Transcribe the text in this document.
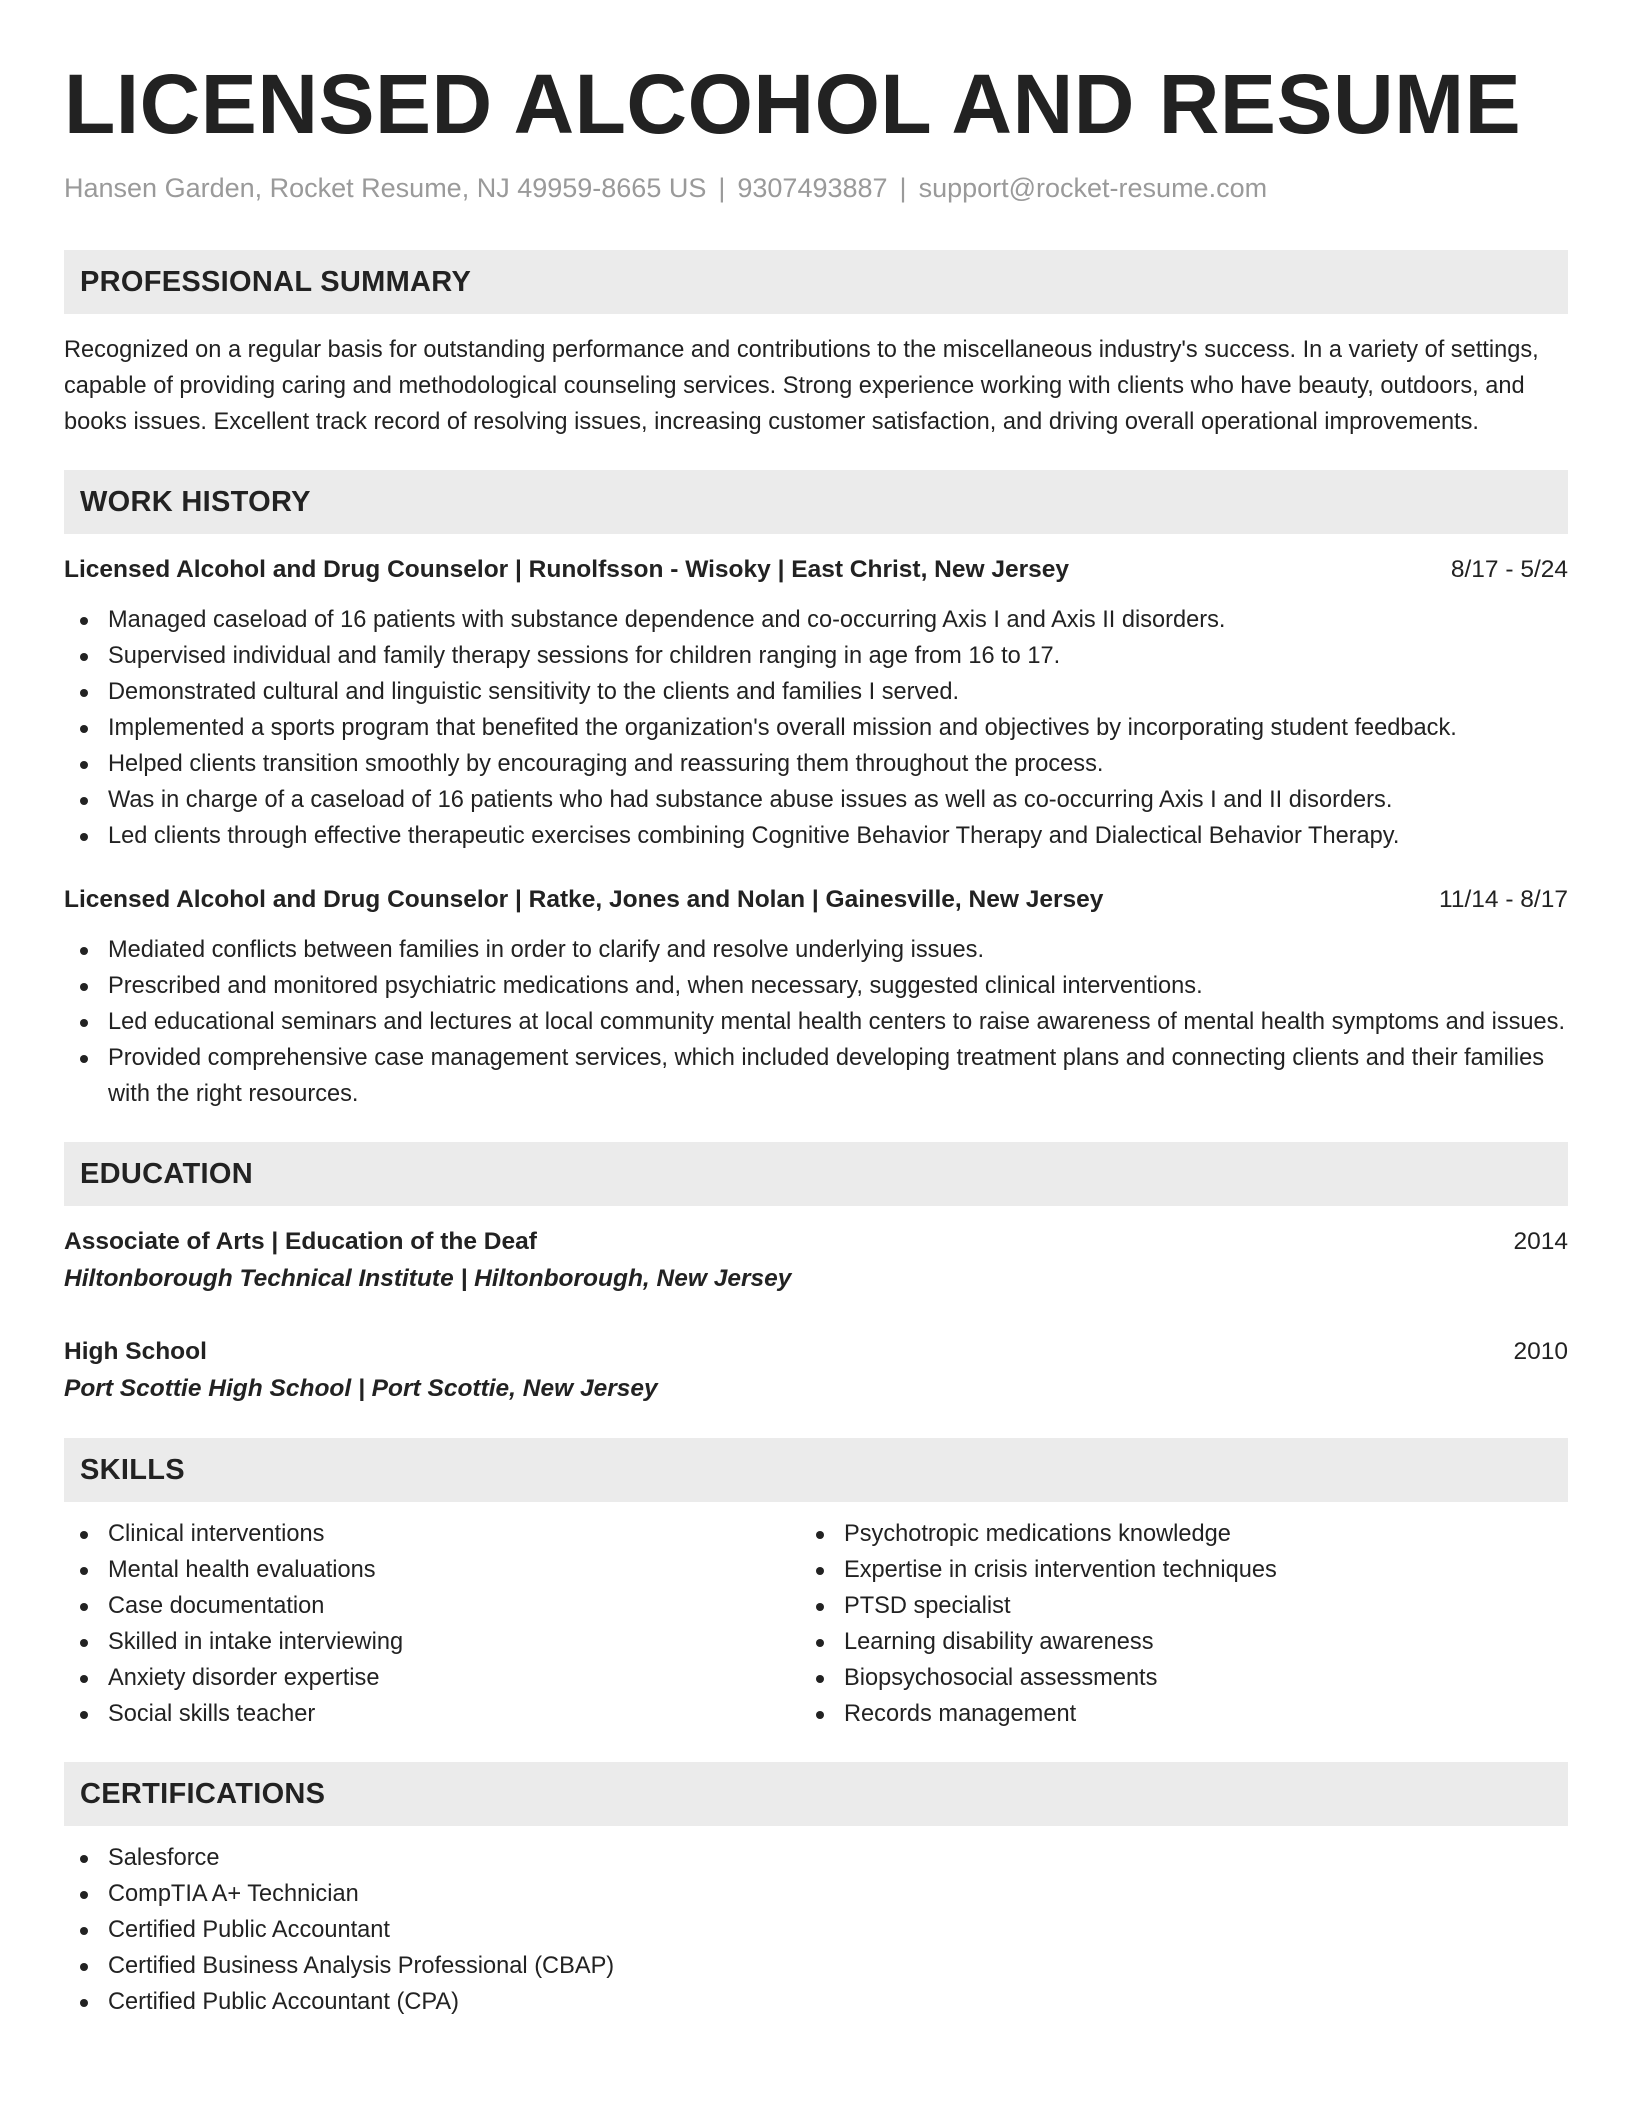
LICENSED ALCOHOL AND RESUME
Hansen Garden, Rocket Resume, NJ 49959-8665 US | 9307493887 | support@rocket-resume.com
PROFESSIONAL SUMMARY
Recognized on a regular basis for outstanding performance and contributions to the miscellaneous industry's success. In a variety of settings, capable of providing caring and methodological counseling services. Strong experience working with clients who have beauty, outdoors, and books issues. Excellent track record of resolving issues, increasing customer satisfaction, and driving overall operational improvements.
WORK HISTORY
Licensed Alcohol and Drug Counselor | Runolfsson - Wisoky | East Christ, New Jersey	8/17 - 5/24
Managed caseload of 16 patients with substance dependence and co-occurring Axis I and Axis II disorders.
Supervised individual and family therapy sessions for children ranging in age from 16 to 17.
Demonstrated cultural and linguistic sensitivity to the clients and families I served.
Implemented a sports program that benefited the organization's overall mission and objectives by incorporating student feedback.
Helped clients transition smoothly by encouraging and reassuring them throughout the process.
Was in charge of a caseload of 16 patients who had substance abuse issues as well as co-occurring Axis I and II disorders.
Led clients through effective therapeutic exercises combining Cognitive Behavior Therapy and Dialectical Behavior Therapy.
Licensed Alcohol and Drug Counselor | Ratke, Jones and Nolan | Gainesville, New Jersey	11/14 - 8/17
Mediated conflicts between families in order to clarify and resolve underlying issues.
Prescribed and monitored psychiatric medications and, when necessary, suggested clinical interventions.
Led educational seminars and lectures at local community mental health centers to raise awareness of mental health symptoms and issues.
Provided comprehensive case management services, which included developing treatment plans and connecting clients and their families with the right resources.
EDUCATION
Associate of Arts | Education of the Deaf	2014
Hiltonborough Technical Institute | Hiltonborough, New Jersey
High School	2010
Port Scottie High School | Port Scottie, New Jersey
SKILLS
Clinical interventions
Mental health evaluations
Case documentation
Skilled in intake interviewing
Anxiety disorder expertise
Social skills teacher
Psychotropic medications knowledge
Expertise in crisis intervention techniques
PTSD specialist
Learning disability awareness
Biopsychosocial assessments
Records management
CERTIFICATIONS
Salesforce
CompTIA A+ Technician
Certified Public Accountant
Certified Business Analysis Professional (CBAP)
Certified Public Accountant (CPA)
